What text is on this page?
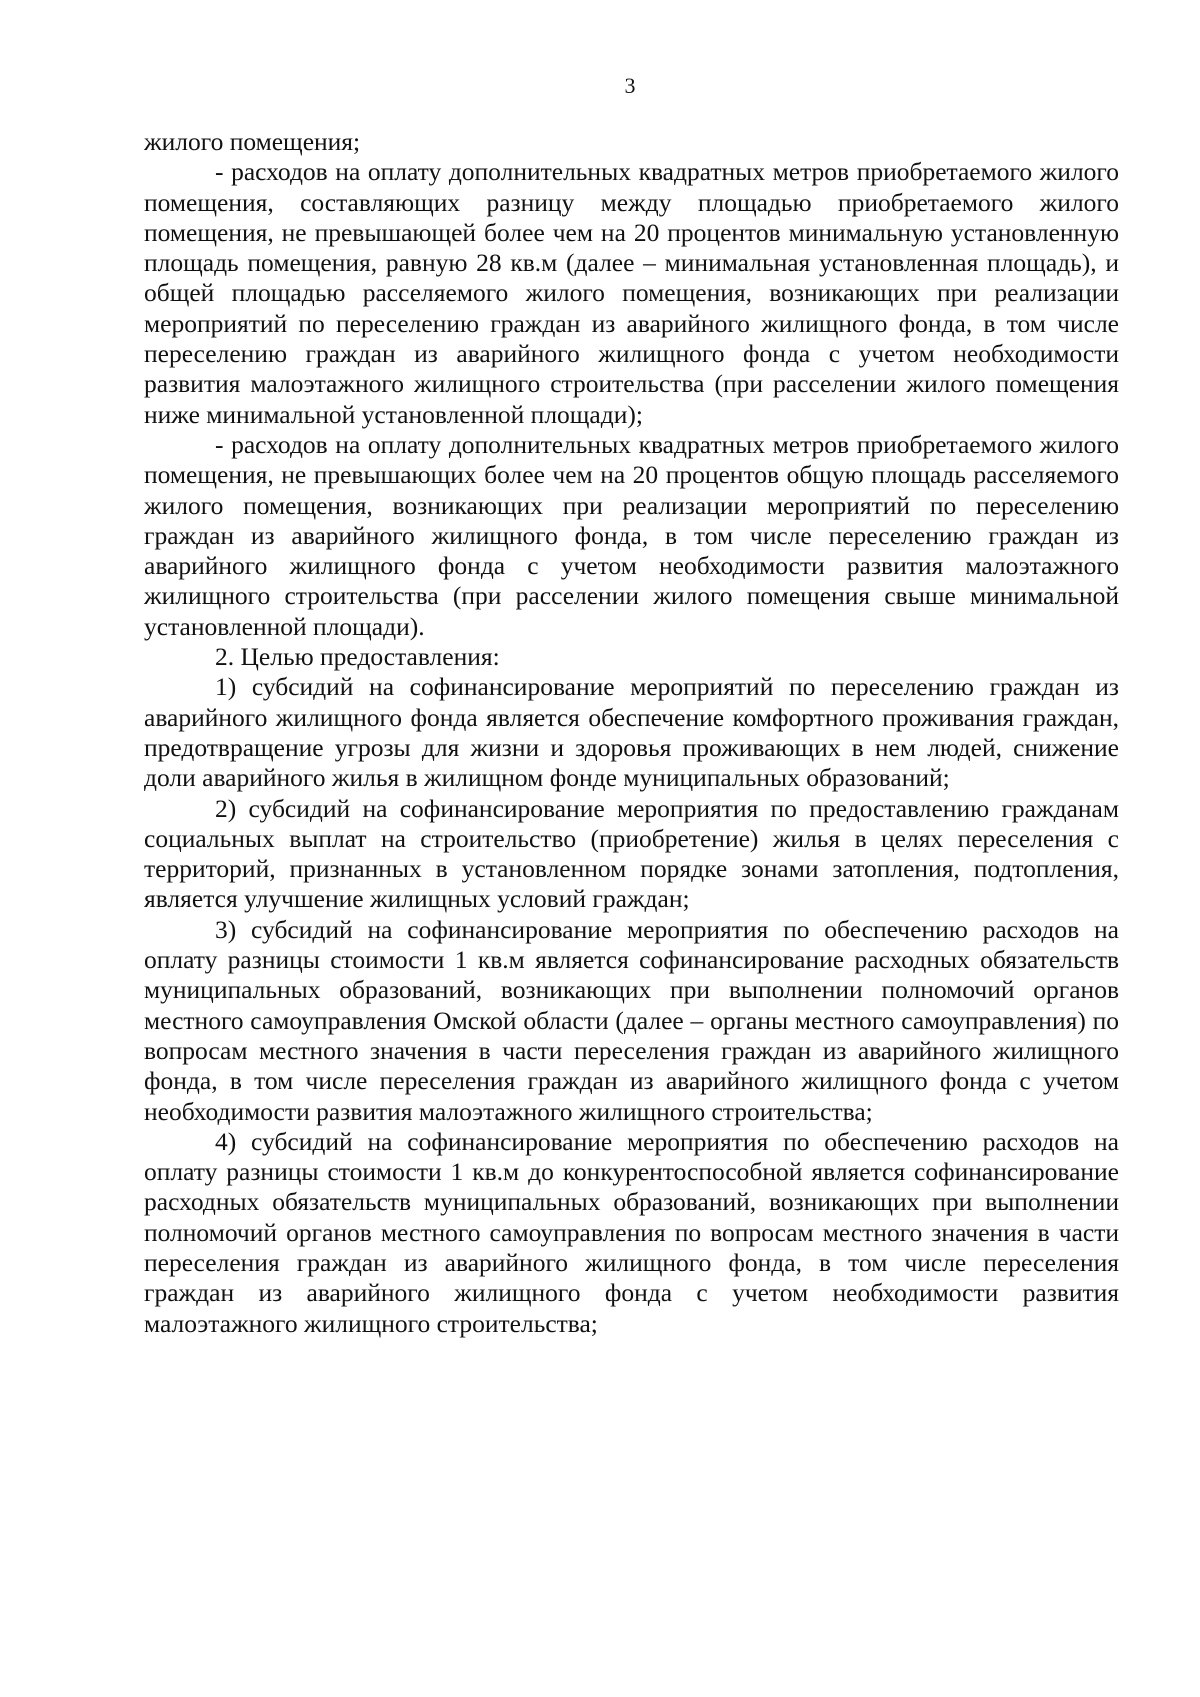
3

жилого помещения;

- расходов на оплату дополнительных квадратных метров приобретаемого жилого помещения, составляющих разницу между площадью приобретаемого жилого помещения, не превышающей более чем на 20 процентов минимальную установленную площадь помещения, равную 28 кв.м (далее – минимальная установленная площадь), и общей площадью расселяемого жилого помещения, возникающих при реализации мероприятий по переселению граждан из аварийного жилищного фонда, в том числе переселению граждан из аварийного жилищного фонда с учетом необходимости развития малоэтажного жилищного строительства (при расселении жилого помещения ниже минимальной установленной площади);

- расходов на оплату дополнительных квадратных метров приобретаемого жилого помещения, не превышающих более чем на 20 процентов общую площадь расселяемого жилого помещения, возникающих при реализации мероприятий по переселению граждан из аварийного жилищного фонда, в том числе переселению граждан из аварийного жилищного фонда с учетом необходимости развития малоэтажного жилищного строительства (при расселении жилого помещения свыше минимальной установленной площади).

2. Целью предоставления:

1) субсидий на софинансирование мероприятий по переселению граждан из аварийного жилищного фонда является обеспечение комфортного проживания граждан, предотвращение угрозы для жизни и здоровья проживающих в нем людей, снижение доли аварийного жилья в жилищном фонде муниципальных образований;

2) субсидий на софинансирование мероприятия по предоставлению гражданам социальных выплат на строительство (приобретение) жилья в целях переселения с территорий, признанных в установленном порядке зонами затопления, подтопления, является улучшение жилищных условий граждан;

3) субсидий на софинансирование мероприятия по обеспечению расходов на оплату разницы стоимости 1 кв.м является софинансирование расходных обязательств муниципальных образований, возникающих при выполнении полномочий органов местного самоуправления Омской области (далее – органы местного самоуправления) по вопросам местного значения в части переселения граждан из аварийного жилищного фонда, в том числе переселения граждан из аварийного жилищного фонда с учетом необходимости развития малоэтажного жилищного строительства;

4) субсидий на софинансирование мероприятия по обеспечению расходов на оплату разницы стоимости 1 кв.м до конкурентоспособной является софинансирование расходных обязательств муниципальных образований, возникающих при выполнении полномочий органов местного самоуправления по вопросам местного значения в части переселения граждан из аварийного жилищного фонда, в том числе переселения граждан из аварийного жилищного фонда с учетом необходимости развития малоэтажного жилищного строительства;
